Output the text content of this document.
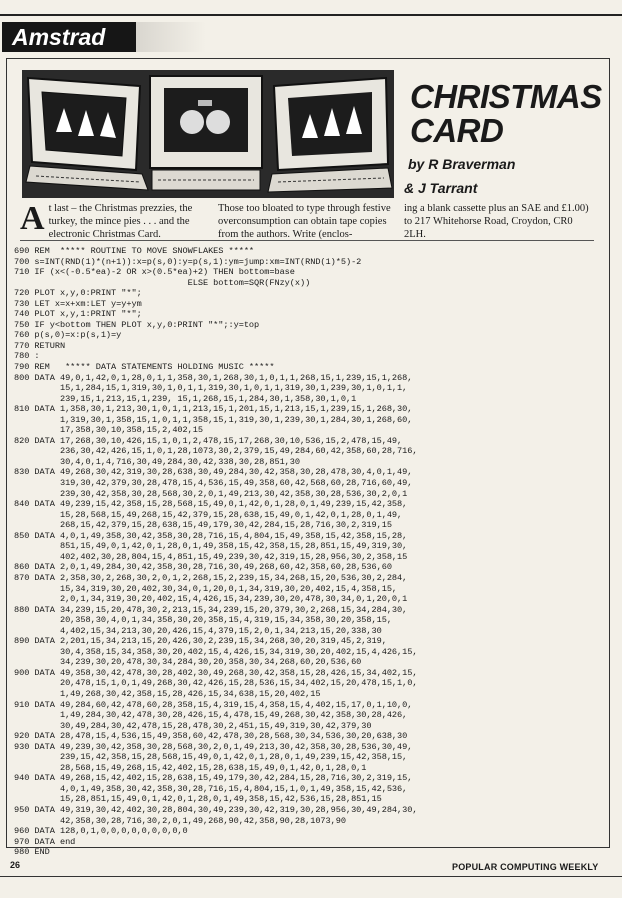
Amstrad
CHRISTMAS
CARD
by R Braverman
& J Tarrant
At last – the Christmas prezzies, the turkey, the mince pies . . . and the electronic Christmas Card.
Those too bloated to type through festive overconsumption can obtain tape copies from the authors. Write (enclos-
ing a blank cassette plus an SAE and £1.00) to 217 Whitehorse Road, Croydon, CR0 2LH.
690 REM  ***** ROUTINE TO MOVE SNOWFLAKES *****
700 s=INT(RND(1)*(n+1)):x=p(s,0):y=p(s,1):ym=jump:xm=INT(RND(1)*5)-2
710 IF (x<(-0.5*ea)-2 OR x>(0.5*ea)+2) THEN bottom=base
ELSE bottom=SQR(FNzy(x))
720 PLOT x,y,0:PRINT "*";
730 LET x=x+xm:LET y=y+ym
740 PLOT x,y,1:PRINT "*";
750 IF y<bottom THEN PLOT x,y,0:PRINT "*";:y=top
760 p(s,0)=x:p(s,1)=y
770 RETURN
780 :
790 REM   ***** DATA STATEMENTS HOLDING MUSIC *****
800 DATA 49,0,1,42,0,1,28,0,1,1,358,30,1,268,30,1,0,1,1,268,15,1,239,15,1,268,
15,1,284,15,1,319,30,1,0,1,1,319,30,1,0,1,1,319,30,1,239,30,1,0,1,1,
239,15,1,213,15,1,239, 15,1,268,15,1,284,30,1,358,30,1,0,1
810 DATA 1,358,30,1,213,30,1,0,1,1,213,15,1,201,15,1,213,15,1,239,15,1,268,30,
1,319,30,1,358,15,1,0,1,1,358,15,1,319,30,1,239,30,1,284,30,1,268,60,
17,358,30,10,358,15,2,402,15
820 DATA 17,268,30,10,426,15,1,0,1,2,478,15,17,268,30,10,536,15,2,478,15,49,
236,30,42,426,15,1,0,1,28,1073,30,2,379,15,49,284,60,42,358,60,28,716,
30,4,0,1,4,716,30,49,284,30,42,338,30,28,851,30
830 DATA 49,268,30,42,319,30,28,638,30,49,284,30,42,358,30,28,478,30,4,0,1,49,
319,30,42,379,30,28,478,15,4,536,15,49,358,60,42,568,60,28,716,60,49,
239,30,42,358,30,28,568,30,2,0,1,49,213,30,42,358,30,28,536,30,2,0,1
840 DATA 49,239,15,42,358,15,28,568,15,49,0,1,42,0,1,28,0,1,49,239,15,42,358,
15,28,568,15,49,268,15,42,379,15,28,638,15,49,0,1,42,0,1,28,0,1,49,
268,15,42,379,15,28,638,15,49,179,30,42,284,15,28,716,30,2,319,15
850 DATA 4,0,1,49,358,30,42,358,30,28,716,15,4,804,15,49,358,15,42,358,15,28,
851,15,49,0,1,42,0,1,28,0,1,49,358,15,42,358,15,28,851,15,49,319,30,
402,402,30,28,804,15,4,851,15,49,239,30,42,319,15,28,956,30,2,358,15
860 DATA 2,0,1,49,284,30,42,358,30,28,716,30,49,268,60,42,358,60,28,536,60
870 DATA 2,358,30,2,268,30,2,0,1,2,268,15,2,239,15,34,268,15,20,536,30,2,284,
15,34,319,30,20,402,30,34,0,1,20,0,1,34,319,30,20,402,15,4,358,15,
2,0,1,34,319,30,20,402,15,4,426,15,34,239,30,20,478,30,34,0,1,20,0,1
880 DATA 34,239,15,20,478,30,2,213,15,34,239,15,20,379,30,2,268,15,34,284,30,
20,358,30,4,0,1,34,358,30,20,358,15,4,319,15,34,358,30,20,358,15,
4,402,15,34,213,30,20,426,15,4,379,15,2,0,1,34,213,15,20,338,30
890 DATA 2,201,15,34,213,15,20,426,30,2,239,15,34,268,30,20,319,45,2,319,
30,4,358,15,34,358,30,20,402,15,4,426,15,34,319,30,20,402,15,4,426,15,
34,239,30,20,478,30,34,284,30,20,358,30,34,268,60,20,536,60
900 DATA 49,358,30,42,478,30,28,402,30,49,268,30,42,358,15,28,426,15,34,402,15,
20,478,15,1,0,1,49,268,30,42,426,15,28,536,15,34,402,15,20,478,15,1,0,
1,49,268,30,42,358,15,28,426,15,34,638,15,20,402,15
910 DATA 49,284,60,42,478,60,28,358,15,4,319,15,4,358,15,4,402,15,17,0,1,10,0,
1,49,284,30,42,478,30,28,426,15,4,478,15,49,268,30,42,358,30,28,426,
30,49,284,30,42,478,15,28,478,30,2,451,15,49,319,30,42,379,30
920 DATA 28,478,15,4,536,15,49,358,60,42,478,30,28,568,30,34,536,30,20,638,30
930 DATA 49,239,30,42,358,30,28,568,30,2,0,1,49,213,30,42,358,30,28,536,30,49,
239,15,42,358,15,28,568,15,49,0,1,42,0,1,28,0,1,49,239,15,42,358,15,
28,568,15,49,268,15,42,402,15,28,638,15,49,0,1,42,0,1,28,0,1
940 DATA 49,268,15,42,402,15,28,638,15,49,179,30,42,284,15,28,716,30,2,319,15,
4,0,1,49,358,30,42,358,30,28,716,15,4,804,15,1,0,1,49,358,15,42,536,
15,28,851,15,49,0,1,42,0,1,28,0,1,49,358,15,42,536,15,28,851,15
950 DATA 49,319,30,42,402,30,28,804,30,49,239,30,42,319,30,28,956,30,49,284,30,
42,358,30,28,716,30,2,0,1,49,268,90,42,358,90,28,1073,90
960 DATA 128,0,1,0,0,0,0,0,0,0,0,0
970 DATA end
980 END
26	POPULAR COMPUTING WEEKLY
